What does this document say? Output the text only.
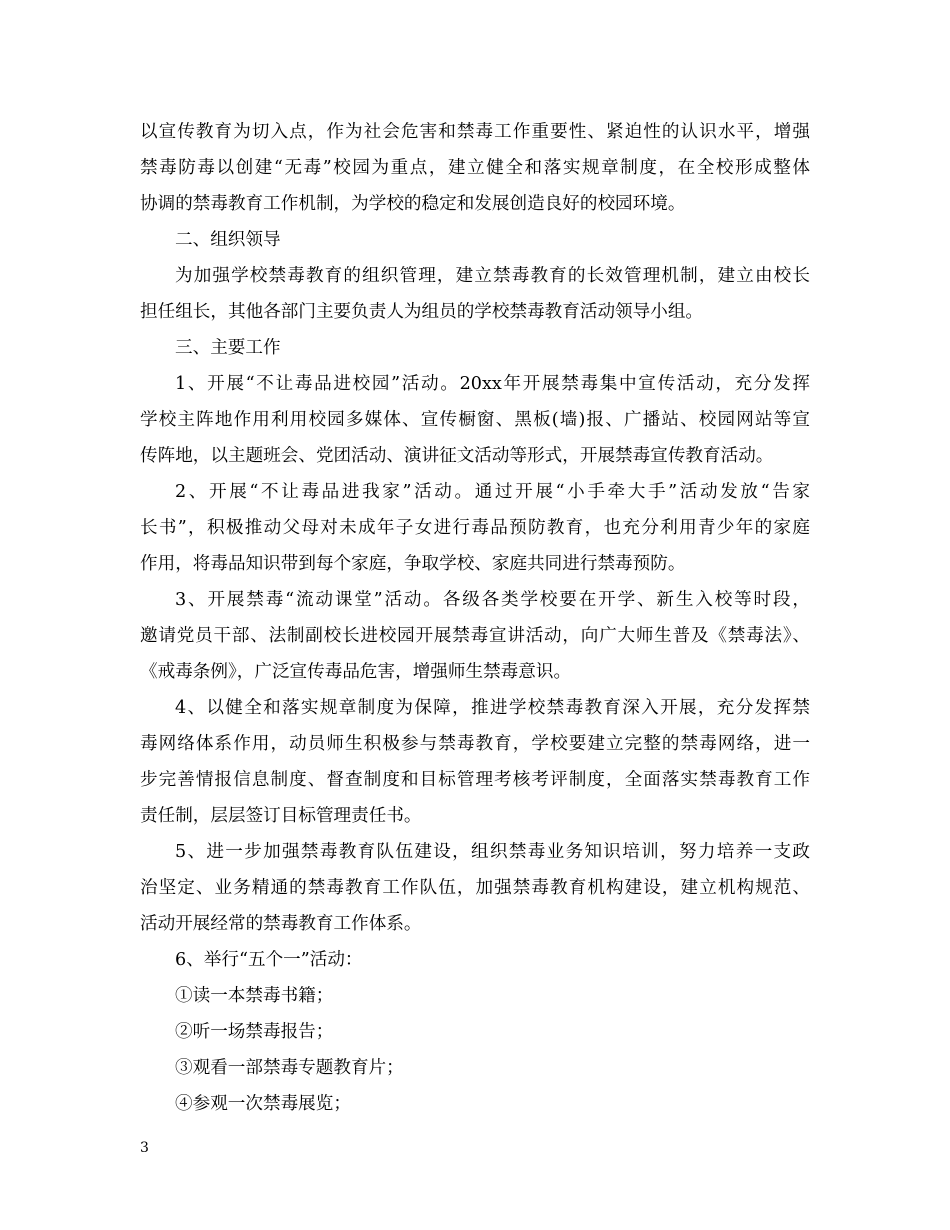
以宣传教育为切入点，作为社会危害和禁毒工作重要性、紧迫性的认识水平，增强
禁毒防毒以创建“无毒”校园为重点，建立健全和落实规章制度，在全校形成整体
协调的禁毒教育工作机制，为学校的稳定和发展创造良好的校园环境。
二、组织领导
为加强学校禁毒教育的组织管理，建立禁毒教育的长效管理机制，建立由校长
担任组长，其他各部门主要负责人为组员的学校禁毒教育活动领导小组。
三、主要工作
1、开展“不让毒品进校园”活动。20xx年开展禁毒集中宣传活动，充分发挥
学校主阵地作用利用校园多媒体、宣传橱窗、黑板(墙)报、广播站、校园网站等宣
传阵地，以主题班会、党团活动、演讲征文活动等形式，开展禁毒宣传教育活动。
2、开展“不让毒品进我家”活动。通过开展“小手牵大手”活动发放“告家
长书”，积极推动父母对未成年子女进行毒品预防教育，也充分利用青少年的家庭
作用，将毒品知识带到每个家庭，争取学校、家庭共同进行禁毒预防。
3、开展禁毒“流动课堂”活动。各级各类学校要在开学、新生入校等时段，
邀请党员干部、法制副校长进校园开展禁毒宣讲活动，向广大师生普及《禁毒法》、
《戒毒条例》，广泛宣传毒品危害，增强师生禁毒意识。
4、以健全和落实规章制度为保障，推进学校禁毒教育深入开展，充分发挥禁
毒网络体系作用，动员师生积极参与禁毒教育，学校要建立完整的禁毒网络，进一
步完善情报信息制度、督查制度和目标管理考核考评制度，全面落实禁毒教育工作
责任制，层层签订目标管理责任书。
5、进一步加强禁毒教育队伍建设，组织禁毒业务知识培训，努力培养一支政
治坚定、业务精通的禁毒教育工作队伍，加强禁毒教育机构建设，建立机构规范、
活动开展经常的禁毒教育工作体系。
6、举行“五个一”活动：
①读一本禁毒书籍；
②听一场禁毒报告；
③观看一部禁毒专题教育片；
④参观一次禁毒展览；
3
